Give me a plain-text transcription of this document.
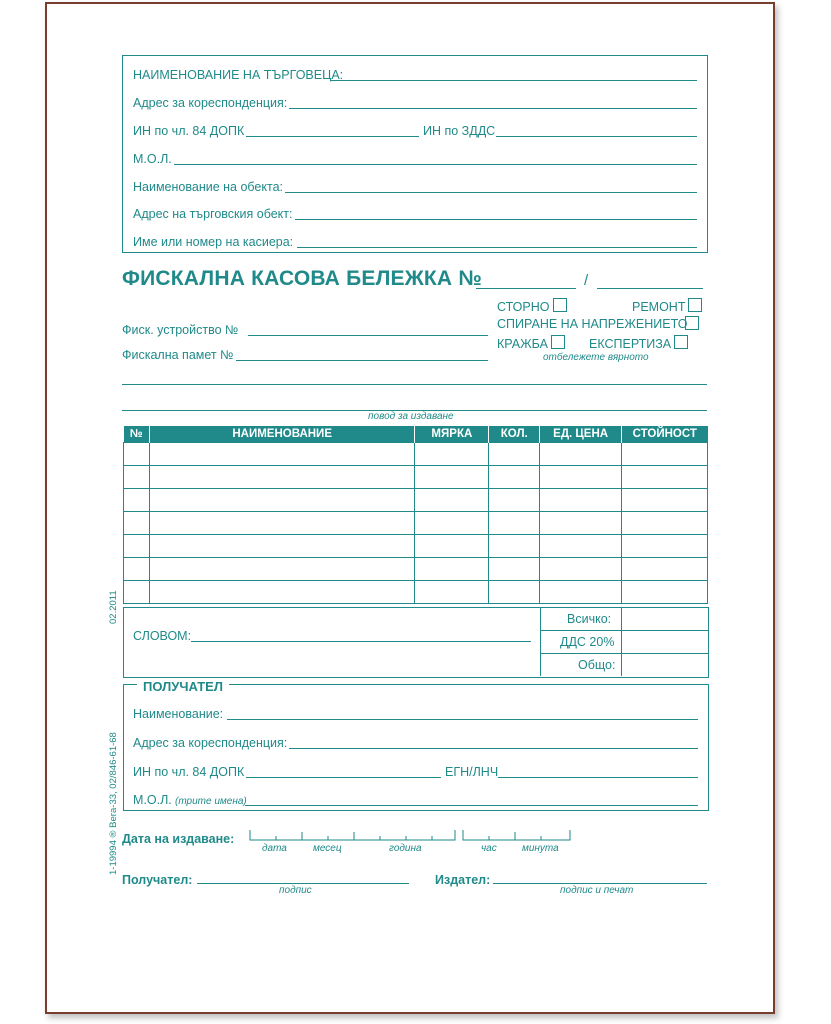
НАИМЕНОВАНИЕ НА ТЪРГОВЕЦА:
Адрес за кореспонденция:
ИН по чл. 84 ДОПК	ИН по ЗДДС
М.О.Л.
Наименование на обекта:
Адрес на търговския обект:
Име или номер на касиера:
ФИСКАЛНА КАСОВА БЕЛЕЖКА №	/
СТОРНО	РЕМОНТ
СПИРАНЕ НА НАПРЕЖЕНИЕТО
КРАЖБА	ЕКСПЕРТИЗА
отбележете вярното
Фиск. устройство №
Фискална памет №
повод за издаване
№	НАИМЕНОВАНИЕ	МЯРКА	КОЛ.	ЕД. ЦЕНА	СТОЙНОСТ

Всичко:
ДДС 20%
Общо:
СЛОВОМ:
ПОЛУЧАТЕЛ
Наименование:
Адрес за кореспонденция:
ИН по чл. 84 ДОПК	ЕГН/ЛНЧ
М.О.Л. (трите имена)
Дата на издаване:
дата	месец	година	час	минута
Получател:
подпис
Издател:
подпис и печат
02.2011
1-19994 ® Вега-33, 02/846-61-68
